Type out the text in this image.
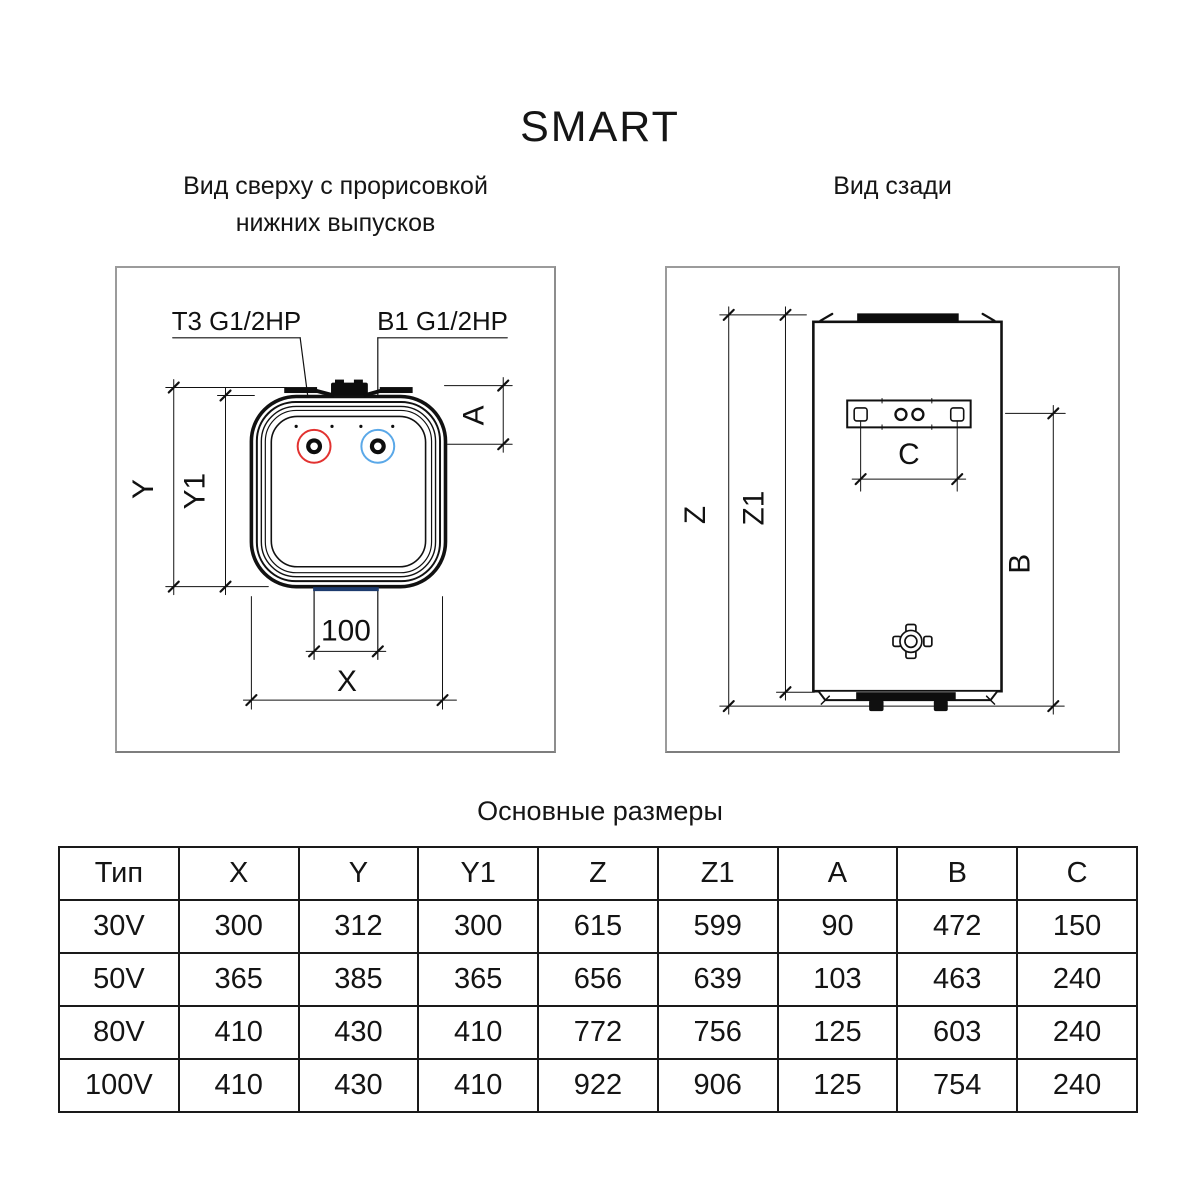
SMART
Вид сверху с прорисовкой
нижних выпусков
Вид сзади
Т3 G1/2HP	В1 G1/2HP
Y Y1
A
100
X
Z Z1
B
C
Основные размеры
Тип	X	Y	Y1	Z	Z1	A	B	C
30V	300	312	300	615	599	90	472	150
50V	365	385	365	656	639	103	463	240
80V	410	430	410	772	756	125	603	240
100V	410	430	410	922	906	125	754	240
